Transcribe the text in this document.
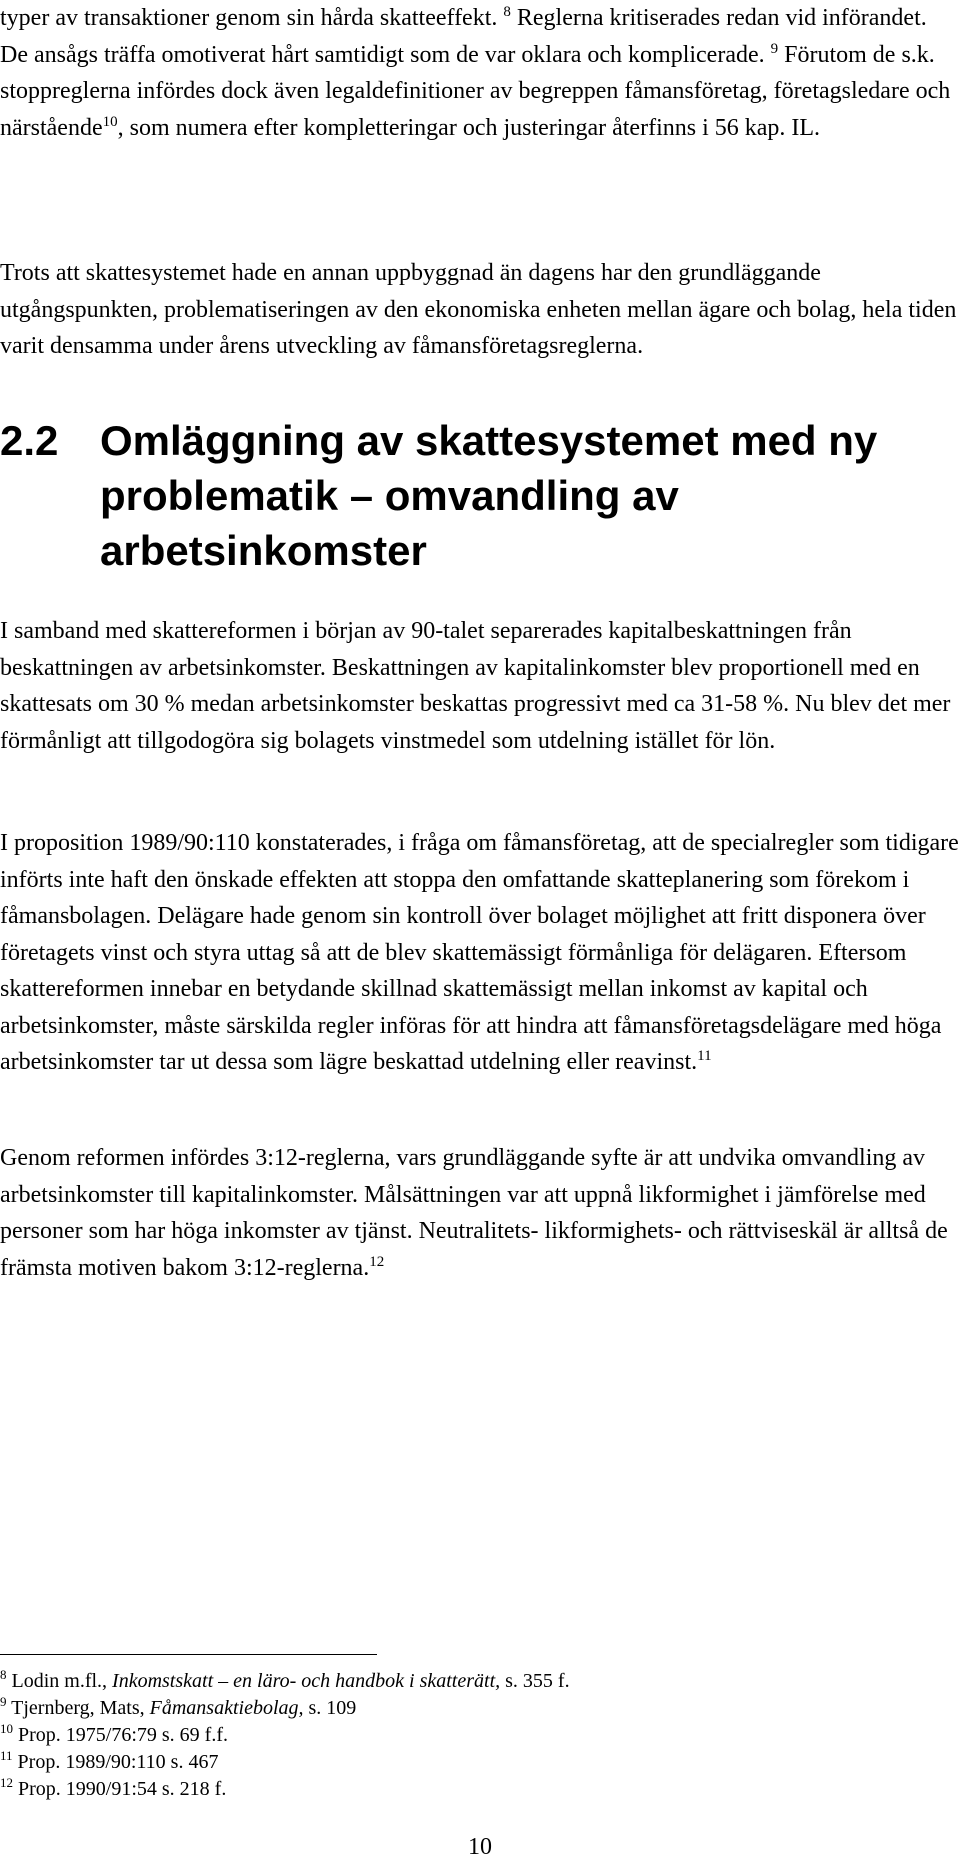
typer av transaktioner genom sin hårda skatteeffekt. $^8$ Reglerna kritiserades redan vid införandet. De ansågs träffa omotiverat hårt samtidigt som de var oklara och komplicerade. $^9$ Förutom de s.k. stoppreglerna infördes dock även legaldefinitioner av begreppen fåmansföretag, företagsledare och närstående$^{10}$, som numera efter kompletteringar och justeringar återfinns i 56 kap. IL.

Trots att skattesystemet hade en annan uppbyggnad än dagens har den grundläggande utgångspunkten, problematiseringen av den ekonomiska enheten mellan ägare och bolag, hela tiden varit densamma under årens utveckling av fåmansföretagsreglerna.

2.2 Omläggning av skattesystemet med ny problematik – omvandling av arbetsinkomster

I samband med skattereformen i början av 90-talet separerades kapitalbeskattningen från beskattningen av arbetsinkomster. Beskattningen av kapitalinkomster blev proportionell med en skattesats om 30 % medan arbetsinkomster beskattas progressivt med ca 31-58 %. Nu blev det mer förmånligt att tillgodogöra sig bolagets vinstmedel som utdelning istället för lön.

I proposition 1989/90:110 konstaterades, i fråga om fåmansföretag, att de specialregler som tidigare införts inte haft den önskade effekten att stoppa den omfattande skatteplanering som förekom i fåmansbolagen. Delägare hade genom sin kontroll över bolaget möjlighet att fritt disponera över företagets vinst och styra uttag så att de blev skattemässigt förmånliga för delägaren. Eftersom skattereformen innebar en betydande skillnad skattemässigt mellan inkomst av kapital och arbetsinkomster, måste särskilda regler införas för att hindra att fåmansföretagsdelägare med höga arbetsinkomster tar ut dessa som lägre beskattad utdelning eller reavinst.$^{11}$

Genom reformen infördes 3:12-reglerna, vars grundläggande syfte är att undvika omvandling av arbetsinkomster till kapitalinkomster. Målsättningen var att uppnå likformighet i jämförelse med personer som har höga inkomster av tjänst. Neutralitets- likformighets- och rättviseskäl är alltså de främsta motiven bakom 3:12-reglerna.$^{12}$

$^8$ Lodin m.fl., Inkomstskatt – en läro- och handbok i skatterätt, s. 355 f.
$^9$ Tjernberg, Mats, Fåmansaktiebolag, s. 109
$^{10}$ Prop. 1975/76:79 s. 69 f.f.
$^{11}$ Prop. 1989/90:110 s. 467
$^{12}$ Prop. 1990/91:54 s. 218 f.
10
